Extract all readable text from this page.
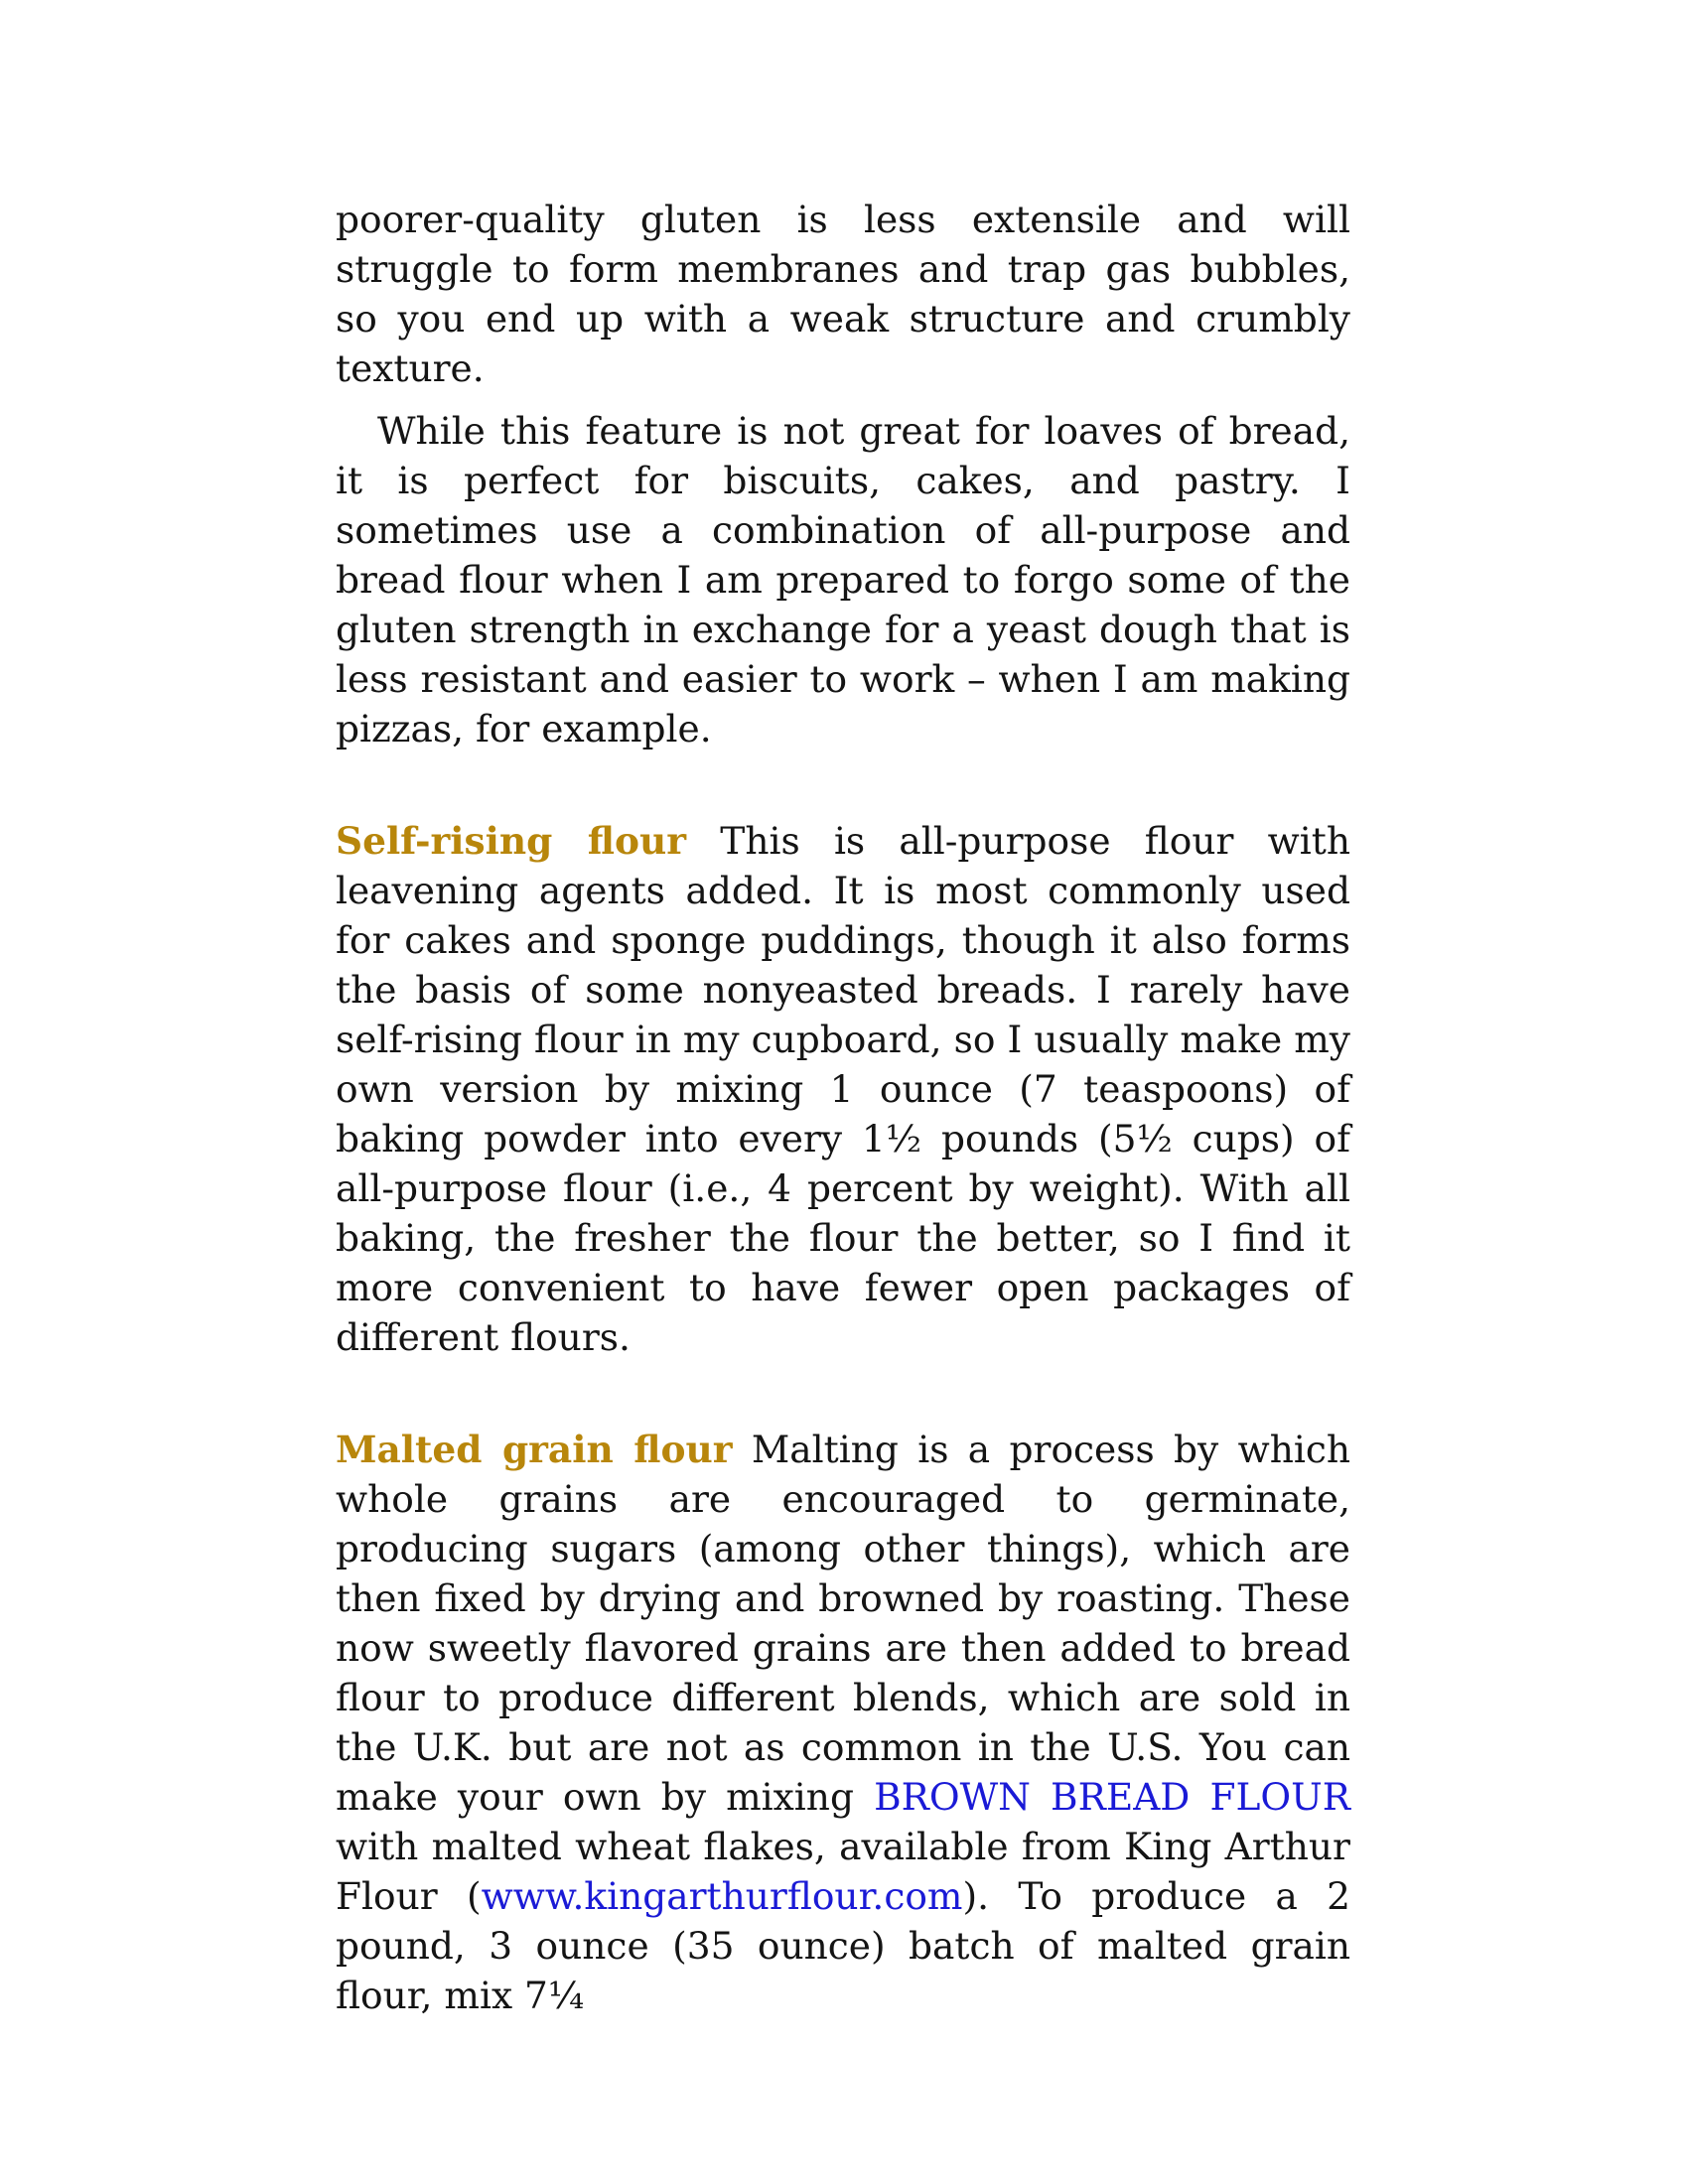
poorer-quality gluten is less extensile and will struggle to form membranes and trap gas bubbles, so you end up with a weak structure and crumbly texture.

While this feature is not great for loaves of bread, it is perfect for biscuits, cakes, and pastry. I sometimes use a combination of all-purpose and bread flour when I am prepared to forgo some of the gluten strength in exchange for a yeast dough that is less resistant and easier to work – when I am making pizzas, for example.

Self-rising flour This is all-purpose flour with leavening agents added. It is most commonly used for cakes and sponge puddings, though it also forms the basis of some nonyeasted breads. I rarely have self-rising flour in my cupboard, so I usually make my own version by mixing 1 ounce (7 teaspoons) of baking powder into every 1½ pounds (5½ cups) of all-purpose flour (i.e., 4 percent by weight). With all baking, the fresher the flour the better, so I find it more convenient to have fewer open packages of different flours.

Malted grain flour Malting is a process by which whole grains are encouraged to germinate, producing sugars (among other things), which are then fixed by drying and browned by roasting. These now sweetly flavored grains are then added to bread flour to produce different blends, which are sold in the U.K. but are not as common in the U.S. You can make your own by mixing BROWN BREAD FLOUR with malted wheat flakes, available from King Arthur Flour (www.kingarthurflour.com). To produce a 2 pound, 3 ounce (35 ounce) batch of malted grain flour, mix 7¼
